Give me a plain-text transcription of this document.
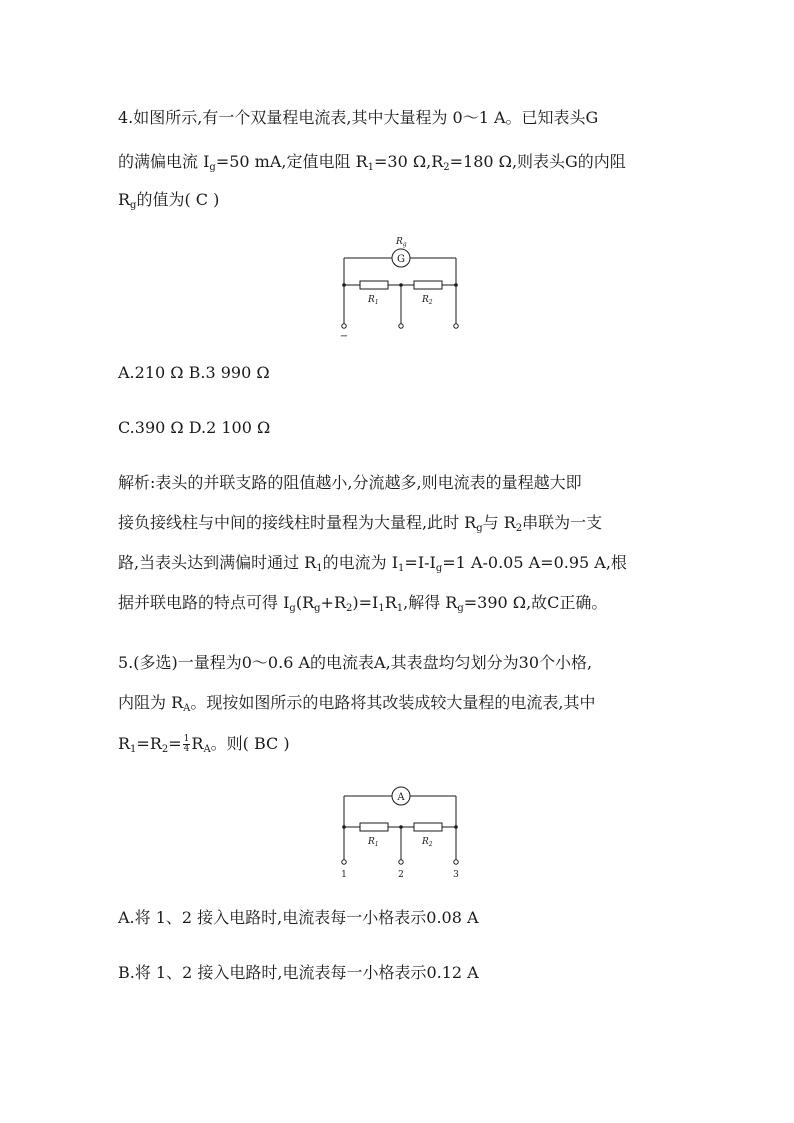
4.如图所示,有一个双量程电流表,其中大量程为 0～1 A。已知表头G
的满偏电流 $I_g=50$ mA,定值电阻 $R_1=30$ $\Omega,R_2=180$ Ω,则表头G的内阻
$R_g$的值为( C )
G
$R_g$
$R_1$	$R_2$
−
A.210 Ω B.3 990 Ω
C.390 Ω D.2 100 Ω
解析:表头的并联支路的阻值越小,分流越多,则电流表的量程越大即
接负接线柱与中间的接线柱时量程为大量程,此时 $R_g$与 $R_2$串联为一支
路,当表头达到满偏时通过 $R_1$的电流为 $I_1=I-I_g=1$ A-0.05 A=0.95 A,根
据并联电路的特点可得 $I_g(R_g+R_2)=I_1R_1$,解得 $R_g=390$ Ω,故C正确。
5.(多选)一量程为0～0.6 A的电流表A,其表盘均匀划分为30个小格,
内阻为 $R_A$。现按如图所示的电路将其改装成较大量程的电流表,其中
$R_1=R_2= \frac{1}{4} R_A$。则( BC )
A
$R_1$	$R_2$
1	2	3
A.将 1、2 接入电路时,电流表每一小格表示0.08 A
B.将 1、2 接入电路时,电流表每一小格表示0.12 A
